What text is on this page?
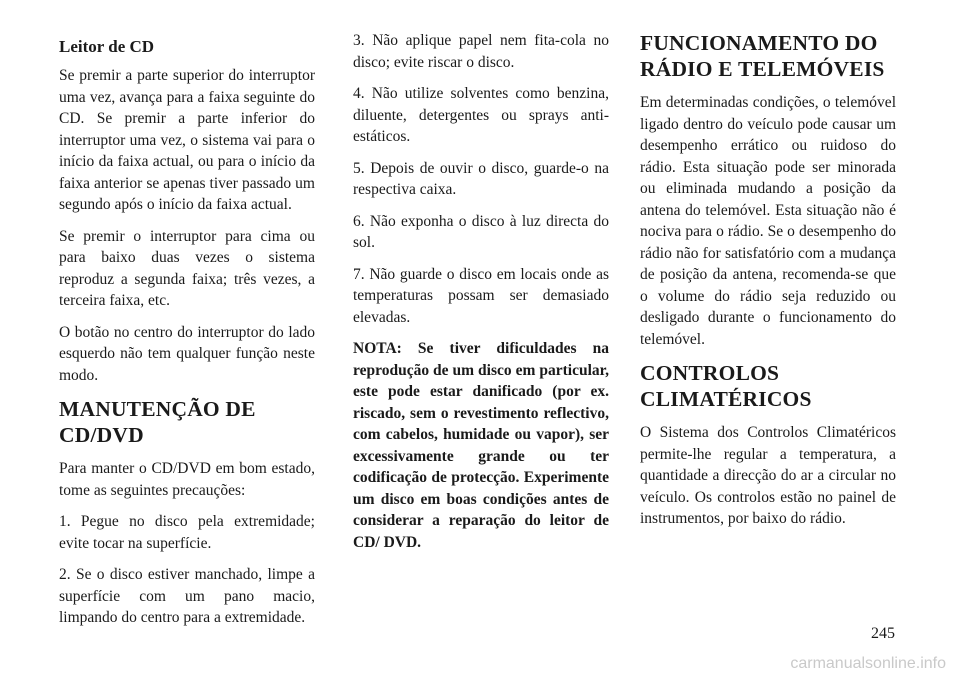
Leitor de CD

Se premir a parte superior do interruptor uma vez, avança para a faixa seguinte do CD. Se premir a parte inferior do interruptor uma vez, o sistema vai para o início da faixa actual, ou para o início da faixa anterior se apenas tiver passado um segundo após o início da faixa actual.

Se premir o interruptor para cima ou para baixo duas vezes o sistema reproduz a segunda faixa; três vezes, a terceira faixa, etc.

O botão no centro do interruptor do lado esquerdo não tem qualquer função neste modo.

MANUTENÇÃO DE
CD/DVD

Para manter o CD/DVD em bom estado, tome as seguintes precauções:

1. Pegue no disco pela extremidade; evite tocar na superfície.

2. Se o disco estiver manchado, limpe a superfície com um pano macio, limpando do centro para a extremidade.

3. Não aplique papel nem fita-cola no disco; evite riscar o disco.

4. Não utilize solventes como benzina, diluente, detergentes ou sprays anti-estáticos.

5. Depois de ouvir o disco, guarde-o na respectiva caixa.

6. Não exponha o disco à luz directa do sol.

7. Não guarde o disco em locais onde as temperaturas possam ser demasiado elevadas.

NOTA: Se tiver dificuldades na reprodução de um disco em particular, este pode estar danificado (por ex. riscado, sem o revestimento reflectivo, com cabelos, humidade ou vapor), ser excessivamente grande ou ter codificação de protecção. Experimente um disco em boas condições antes de considerar a reparação do leitor de CD/ DVD.

FUNCIONAMENTO DO
RÁDIO E TELEMÓVEIS

Em determinadas condições, o telemóvel ligado dentro do veículo pode causar um desempenho errático ou ruidoso do rádio. Esta situação pode ser minorada ou eliminada mudando a posição da antena do telemóvel. Esta situação não é nociva para o rádio. Se o desempenho do rádio não for satisfatório com a mudança de posição da antena, recomenda-se que o volume do rádio seja reduzido ou desligado durante o funcionamento do telemóvel.

CONTROLOS
CLIMATÉRICOS

O Sistema dos Controlos Climatéricos permite-lhe regular a temperatura, a quantidade a direcção do ar a circular no veículo. Os controlos estão no painel de instrumentos, por baixo do rádio.

245
carmanualsonline.info
